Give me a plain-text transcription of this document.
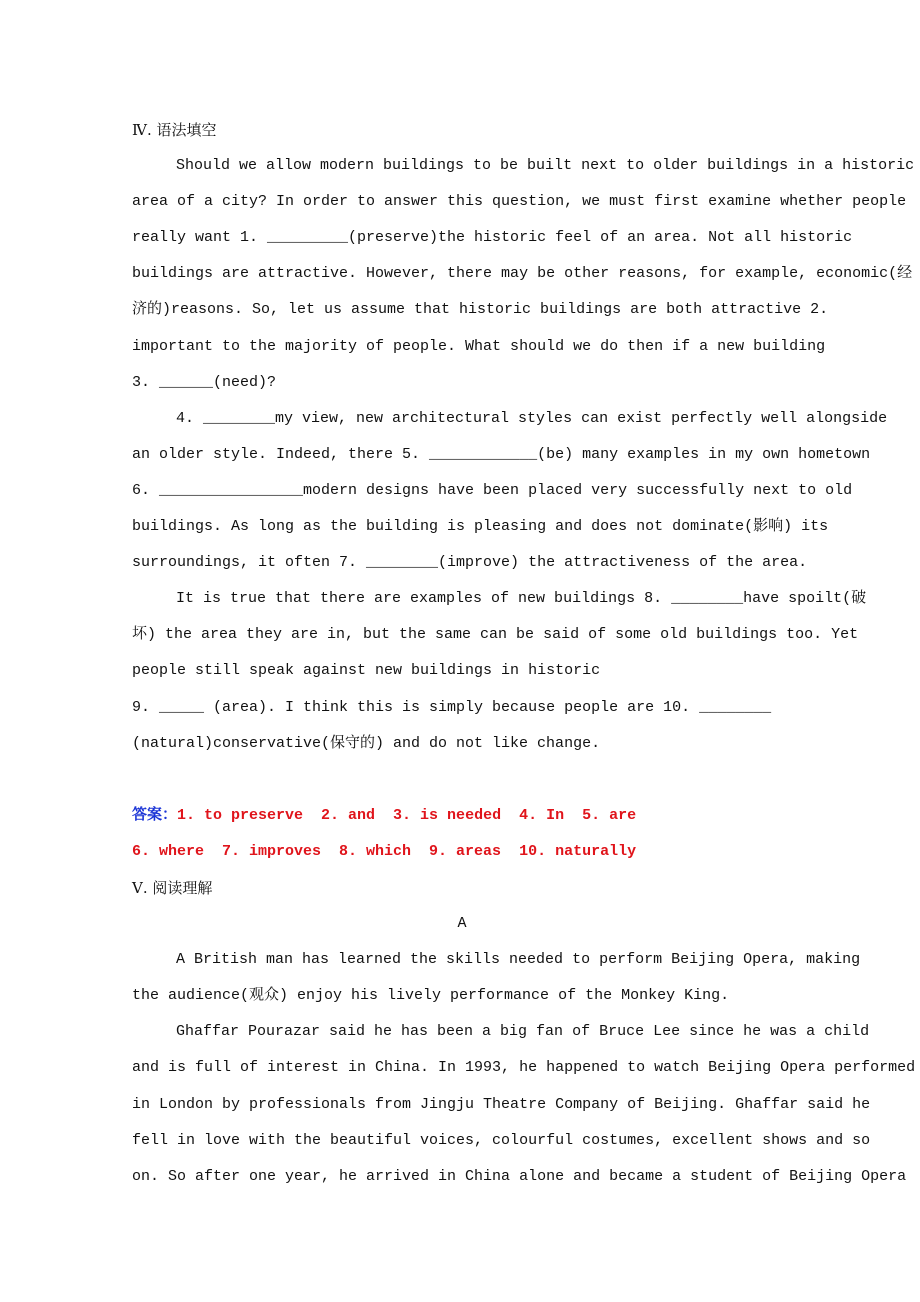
Ⅳ. 语法填空
Should we allow modern buildings to be built next to older buildings in a historic
area of a city? In order to answer this question, we must first examine whether people
really want 1. _________(preserve)the historic feel of an area. Not all historic
buildings are attractive. However, there may be other reasons, for example, economic(经
济的)reasons. So, let us assume that historic buildings are both attractive 2.
important to the majority of people. What should we do then if a new building
3. ______(need)?
4. ________my view, new architectural styles can exist perfectly well alongside
an older style. Indeed, there 5. ____________(be) many examples in my own hometown
6. ________________modern designs have been placed very successfully next to old
buildings. As long as the building is pleasing and does not dominate(影响) its
surroundings, it often 7. ________(improve) the attractiveness of the area.
It is true that there are examples of new buildings 8. ________have spoilt(破
坏) the area they are in, but the same can be said of some old buildings too. Yet
people still speak against new buildings in historic
9. _____ (area). I think this is simply because people are 10. ________
(natural)conservative(保守的) and do not like change.
答案：1. to preserve  2. and  3. is needed  4. In  5. are
6. where  7. improves  8. which  9. areas  10. naturally
Ⅴ. 阅读理解
A
A British man has learned the skills needed to perform Beijing Opera, making
the audience(观众) enjoy his lively performance of the Monkey King.
Ghaffar Pourazar said he has been a big fan of Bruce Lee since he was a child
and is full of interest in China. In 1993, he happened to watch Beijing Opera performed
in London by professionals from Jingju Theatre Company of Beijing. Ghaffar said he
fell in love with the beautiful voices, colourful costumes, excellent shows and so
on. So after one year, he arrived in China alone and became a student of Beijing Opera
